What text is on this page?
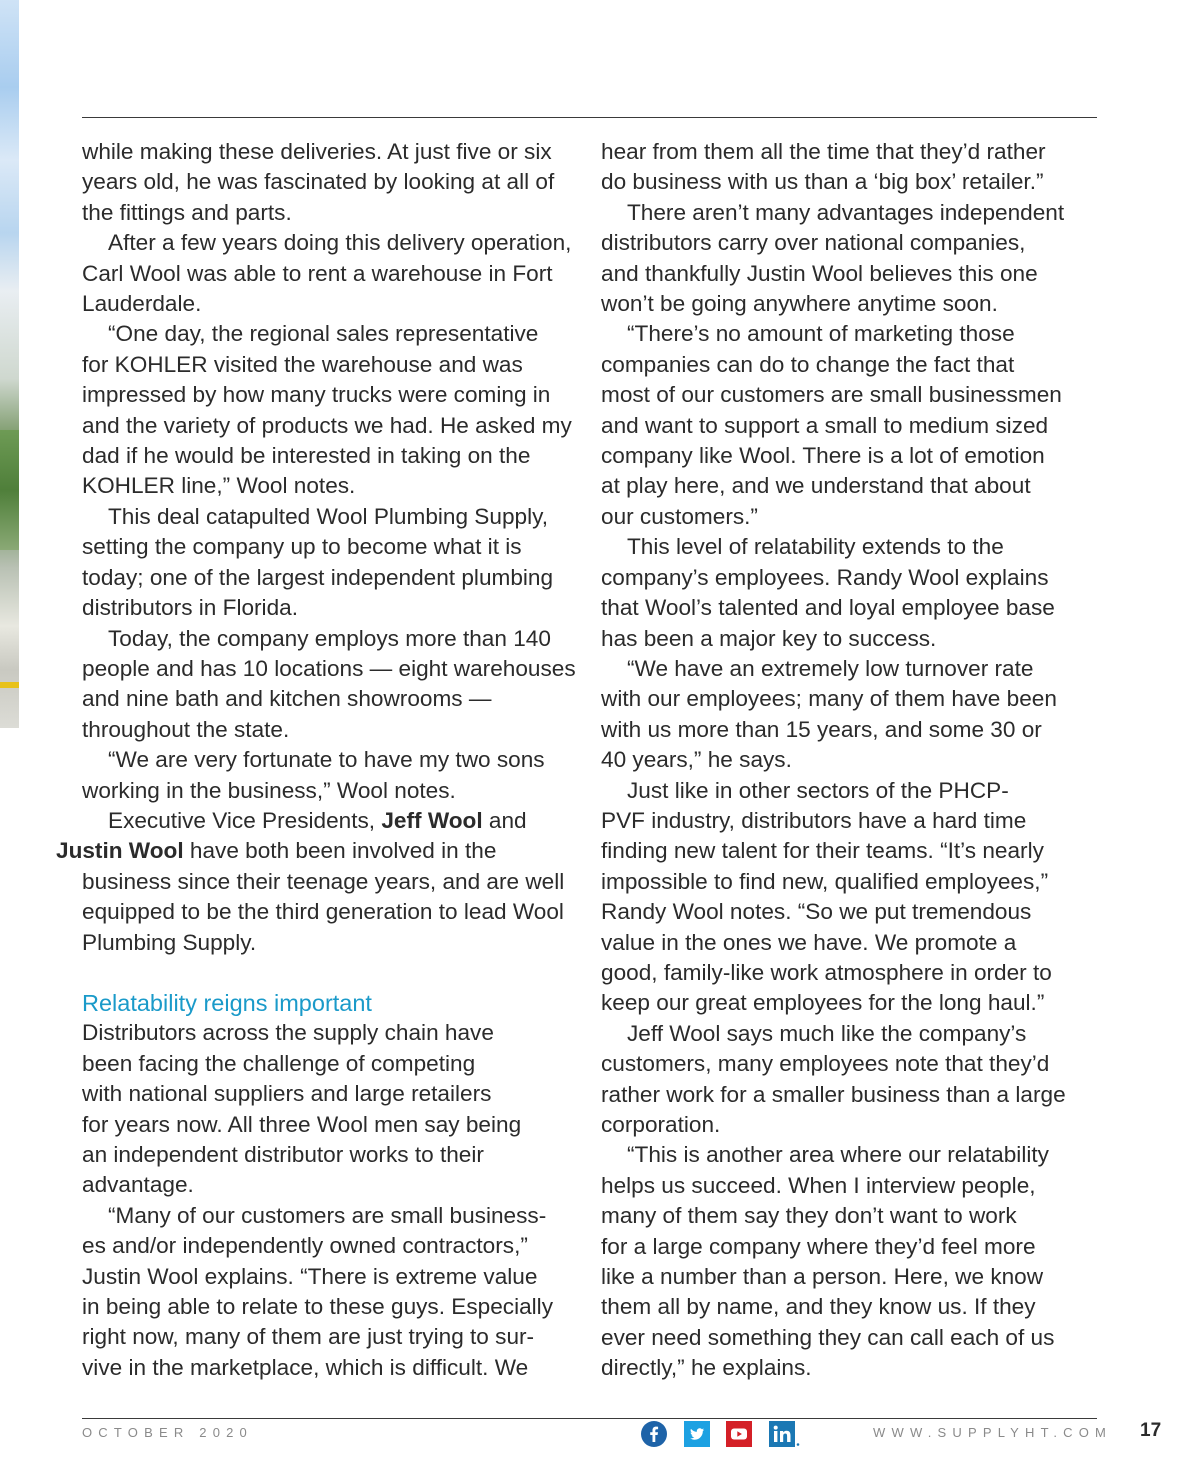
while making these deliveries. At just five or six
years old, he was fascinated by looking at all of
the fittings and parts.

After a few years doing this delivery operation,
Carl Wool was able to rent a warehouse in Fort
Lauderdale.

“One day, the regional sales representative
for KOHLER visited the warehouse and was
impressed by how many trucks were coming in
and the variety of products we had. He asked my
dad if he would be interested in taking on the
KOHLER line,” Wool notes.

This deal catapulted Wool Plumbing Supply,
setting the company up to become what it is
today; one of the largest independent plumbing
distributors in Florida.

Today, the company employs more than 140
people and has 10 locations — eight warehouses
and nine bath and kitchen showrooms —
throughout the state.

“We are very fortunate to have my two sons
working in the business,” Wool notes.

Executive Vice Presidents, Jeff Wool and
Justin Wool have both been involved in the
business since their teenage years, and are well
equipped to be the third generation to lead Wool
Plumbing Supply.

Relatability reigns important

Distributors across the supply chain have
been facing the challenge of competing
with national suppliers and large retailers
for years now. All three Wool men say being
an independent distributor works to their
advantage.

“Many of our customers are small business-
es and/or independently owned contractors,”
Justin Wool explains. “There is extreme value
in being able to relate to these guys. Especially
right now, many of them are just trying to sur-
vive in the marketplace, which is difficult. We

hear from them all the time that they’d rather
do business with us than a ‘big box’ retailer.”

There aren’t many advantages independent
distributors carry over national companies,
and thankfully Justin Wool believes this one
won’t be going anywhere anytime soon.

“There’s no amount of marketing those
companies can do to change the fact that
most of our customers are small businessmen
and want to support a small to medium sized
company like Wool. There is a lot of emotion
at play here, and we understand that about
our customers.”

This level of relatability extends to the
company’s employees. Randy Wool explains
that Wool’s talented and loyal employee base
has been a major key to success.

“We have an extremely low turnover rate
with our employees; many of them have been
with us more than 15 years, and some 30 or
40 years,” he says.

Just like in other sectors of the PHCP-
PVF industry, distributors have a hard time
finding new talent for their teams. “It’s nearly
impossible to find new, qualified employees,”
Randy Wool notes. “So we put tremendous
value in the ones we have. We promote a
good, family-like work atmosphere in order to
keep our great employees for the long haul.”

Jeff Wool says much like the company’s
customers, many employees note that they’d
rather work for a smaller business than a large
corporation.

“This is another area where our relatability
helps us succeed. When I interview people,
many of them say they don’t want to work
for a large company where they’d feel more
like a number than a person. Here, we know
them all by name, and they know us. If they
ever need something they can call each of us
directly,” he explains.

OCTOBER 2020	WWW.SUPPLYHT.COM 17
